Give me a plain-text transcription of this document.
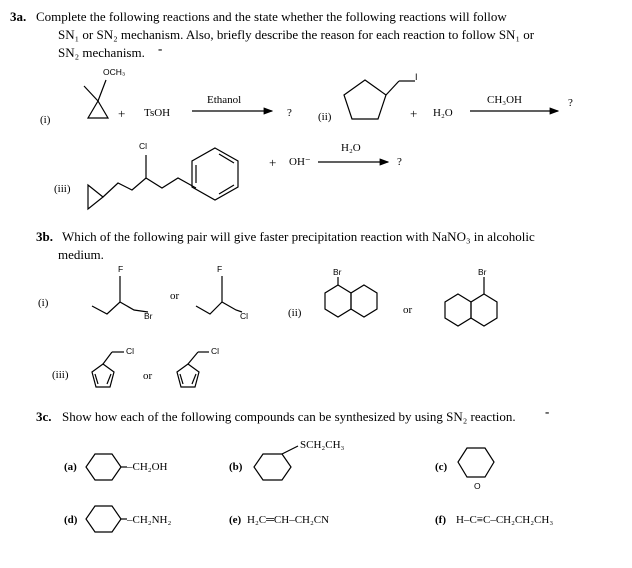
3a. Complete the following reactions and the state whether the following reactions will follow
SN₁ or SN₂ mechanism. Also, briefly describe the reason for each reaction to follow SN₁ or
SN₂ mechanism. -
(i)
OCH₃
+ TsOH
Ethanol
? (ii)
I
+ H₂O
CH₃OH	?
(iii)
Cl
+ OH⁻
H₂O
?
3b. Which of the following pair will give faster precipitation reaction with NaNO₃ in alcoholic
medium.
(i)
F
Br
or
F
Cl	(ii)
Br
or
Br
(iii)
Cl
or
Cl
3c. Show how each of the following compounds can be synthesized by using SN₂ reaction. -
(a)	–CH₂OH	(b)
SCH₂CH₃
(c)
O
(d)	–CH₂NH₂	(e) H₂C═CH–CH₂CN	(f) H–C≡C–CH₂CH₂CH₃
